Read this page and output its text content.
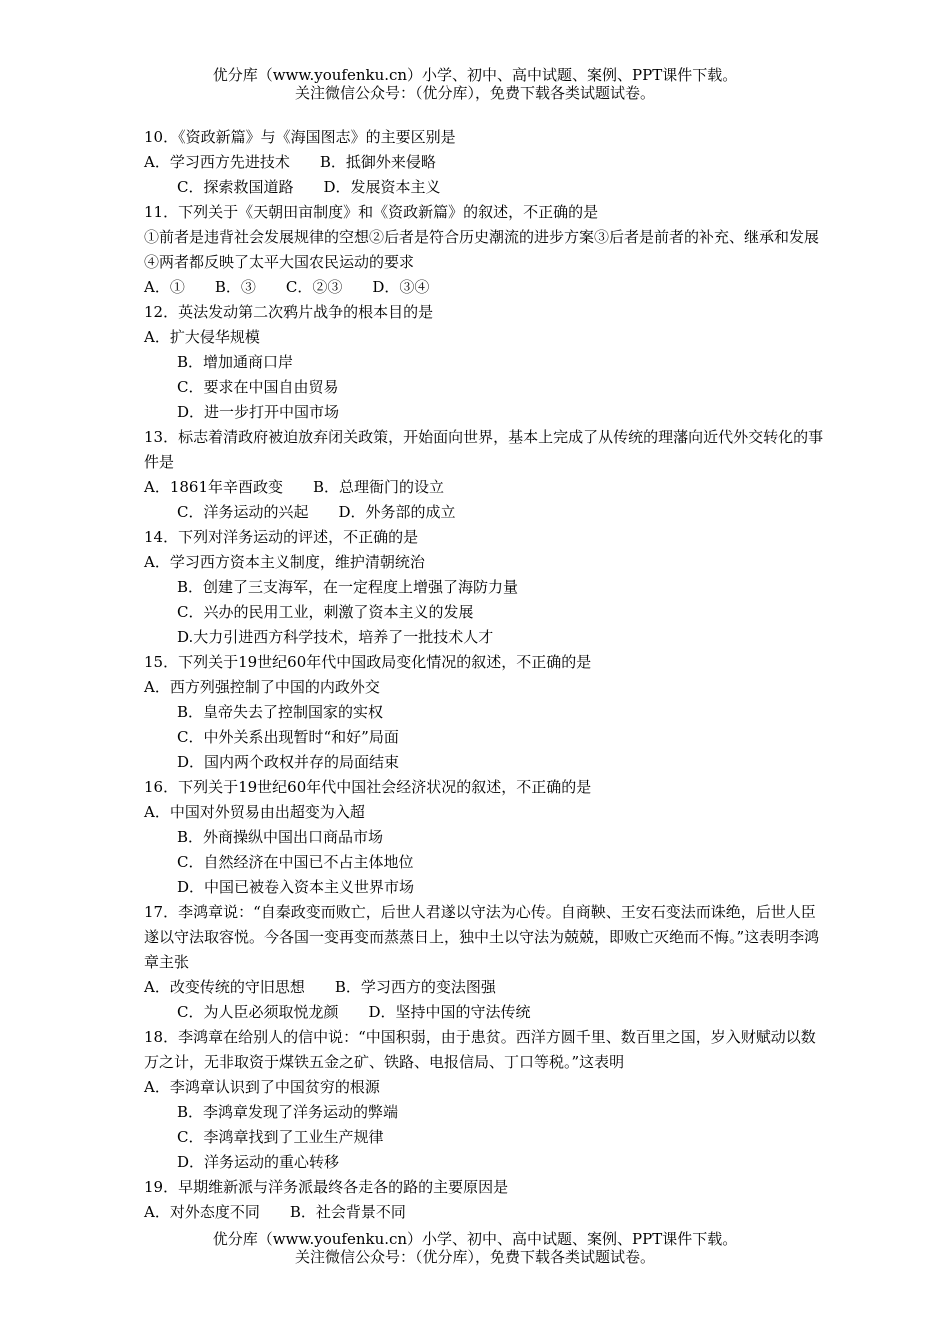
优分库（www.youfenku.cn）小学、初中、高中试题、案例、PPT课件下载。
关注微信公众号：（优分库），免费下载各类试题试卷。
10．《资政新篇》与《海国图志》的主要区别是
A．学习西方先进技术　　B．抵御外来侵略
C．探索救国道路　　D．发展资本主义
11．下列关于《天朝田亩制度》和《资政新篇》的叙述，不正确的是
①前者是违背社会发展规律的空想②后者是符合历史潮流的进步方案③后者是前者的补充、继承和发展④两者都反映了太平大国农民运动的要求
A．①　　B．③　　C．②③　　D．③④
12．英法发动第二次鸦片战争的根本目的是
A．扩大侵华规模
B．增加通商口岸
C．要求在中国自由贸易
D．进一步打开中国市场
13．标志着清政府被迫放弃闭关政策，开始面向世界，基本上完成了从传统的理藩向近代外交转化的事件是
A．1861年辛酉政变　　B．总理衙门的设立
C．洋务运动的兴起　　D．外务部的成立
14．下列对洋务运动的评述，不正确的是
A．学习西方资本主义制度，维护清朝统治
B．创建了三支海军，在一定程度上增强了海防力量
C．兴办的民用工业，刺激了资本主义的发展
D.大力引进西方科学技术，培养了一批技术人才
15．下列关于19世纪60年代中国政局变化情况的叙述，不正确的是
A．西方列强控制了中国的内政外交
B．皇帝失去了控制国家的实权
C．中外关系出现暂时“和好”局面
D．国内两个政权并存的局面结束
16．下列关于19世纪60年代中国社会经济状况的叙述，不正确的是
A．中国对外贸易由出超变为入超
B．外商操纵中国出口商品市场
C．自然经济在中国已不占主体地位
D．中国已被卷入资本主义世界市场
17．李鸿章说：“自秦政变而败亡，后世人君遂以守法为心传。自商鞅、王安石变法而诛绝，后世人臣遂以守法取容悦。今各国一变再变而蒸蒸日上，独中土以守法为兢兢，即败亡灭绝而不悔。”这表明李鸿章主张
A．改变传统的守旧思想　　B．学习西方的变法图强
C．为人臣必须取悦龙颜　　D．坚持中国的守法传统
18．李鸿章在给别人的信中说：“中国积弱，由于患贫。西洋方圆千里、数百里之国，岁入财赋动以数万之计，无非取资于煤铁五金之矿、铁路、电报信局、丁口等税。”这表明
A．李鸿章认识到了中国贫穷的根源
B．李鸿章发现了洋务运动的弊端
C．李鸿章找到了工业生产规律
D．洋务运动的重心转移
19．早期维新派与洋务派最终各走各的路的主要原因是
A．对外态度不同　　B．社会背景不同
优分库（www.youfenku.cn）小学、初中、高中试题、案例、PPT课件下载。
关注微信公众号：（优分库），免费下载各类试题试卷。
